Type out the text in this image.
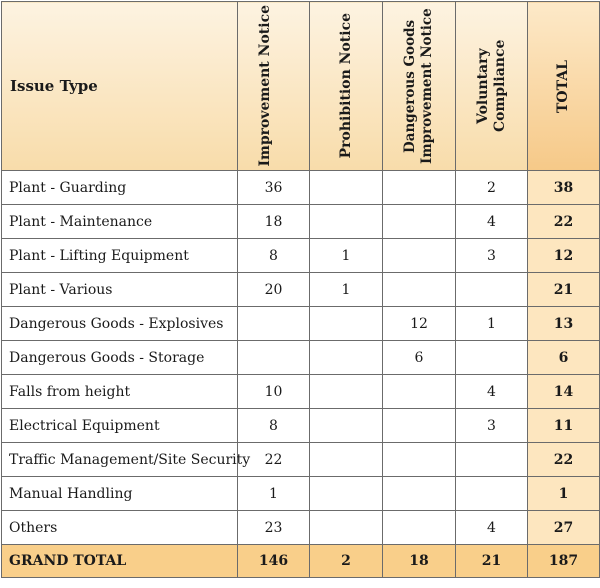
Issue Type	Improvement Notice	Prohibition Notice	Dangerous Goods Improvement Notice	Voluntary Compliance	TOTAL

Plant - Guarding	36			2	38
Plant - Maintenance	18			4	22
Plant - Lifting Equipment	8	1		3	12
Plant - Various	20	1			21
Dangerous Goods - Explosives			12	1	13
Dangerous Goods - Storage			6		6
Falls from height	10			4	14
Electrical Equipment	8			3	11
Traffic Management/Site Security	22				22
Manual Handling	1				1
Others	23			4	27
GRAND TOTAL	146	2	18	21	187
